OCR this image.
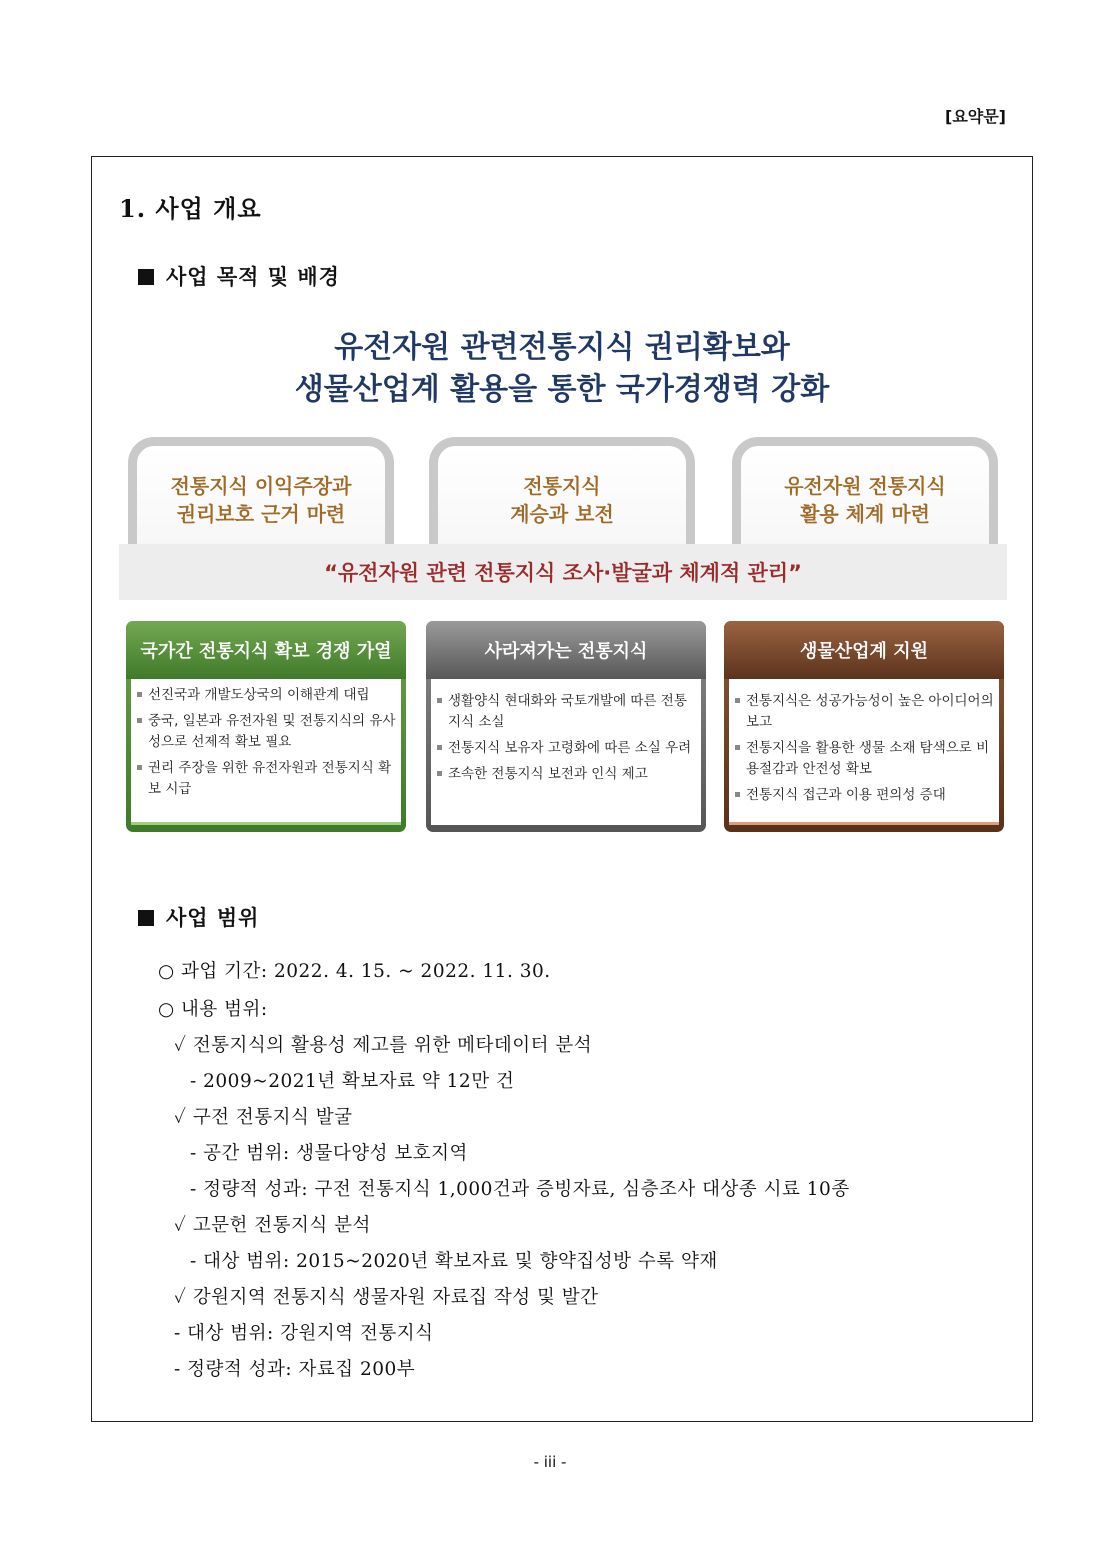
[요약문]
1. 사업 개요
사업 목적 및 배경
유전자원 관련전통지식 권리확보와
생물산업계 활용을 통한 국가경쟁력 강화
전통지식 이익주장과
권리보호 근거 마련
전통지식
계승과 보전
유전자원 전통지식
활용 체계 마련
“유전자원 관련 전통지식 조사·발굴과 체계적 관리”
국가간 전통지식 확보 경쟁 가열
선진국과 개발도상국의 이해관계 대립
중국, 일본과 유전자원 및 전통지식의 유사성으로 선제적 확보 필요
권리 주장을 위한 유전자원과 전통지식 확보 시급
사라져가는 전통지식
생활양식 현대화와 국토개발에 따른 전통지식 소실
전통지식 보유자 고령화에 따른 소실 우려
조속한 전통지식 보전과 인식 제고
생물산업계 지원
전통지식은 성공가능성이 높은 아이디어의 보고
전통지식을 활용한 생물 소재 탐색으로 비용절감과 안전성 확보
전통지식 접근과 이용 편의성 증대
사업 범위
○ 과업 기간: 2022. 4. 15. ~ 2022. 11. 30.
○ 내용 범위:
✓ 전통지식의 활용성 제고를 위한 메타데이터 분석
- 2009~2021년 확보자료 약 12만 건
✓ 구전 전통지식 발굴
- 공간 범위: 생물다양성 보호지역
- 정량적 성과: 구전 전통지식 1,000건과 증빙자료, 심층조사 대상종 시료 10종
✓ 고문헌 전통지식 분석
- 대상 범위: 2015~2020년 확보자료 및 향약집성방 수록 약재
✓ 강원지역 전통지식 생물자원 자료집 작성 및 발간
- 대상 범위: 강원지역 전통지식
- 정량적 성과: 자료집 200부
- iii -
